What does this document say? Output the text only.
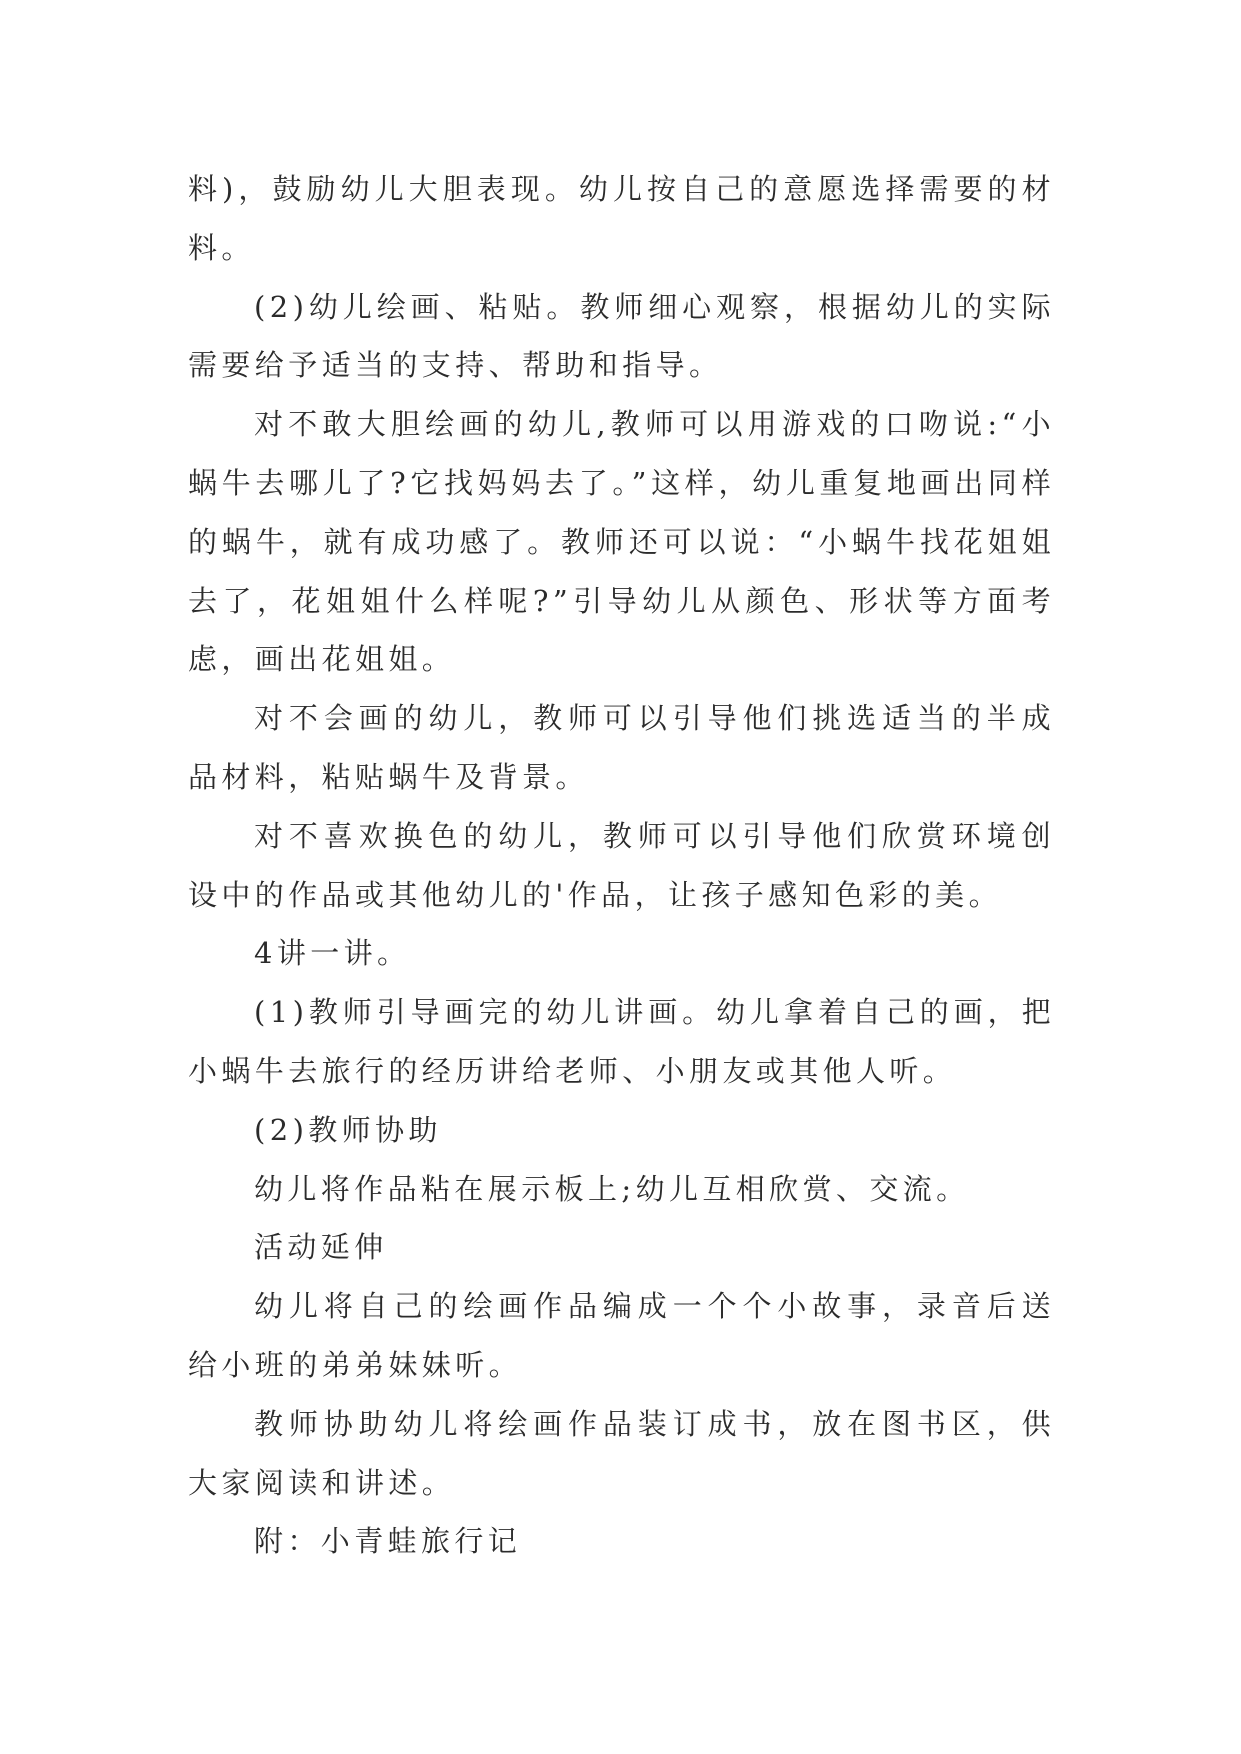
料)，鼓励幼儿大胆表现。幼儿按自己的意愿选择需要的材料。

(2)幼儿绘画、粘贴。教师细心观察，根据幼儿的实际需要给予适当的支持、帮助和指导。

对不敢大胆绘画的幼儿,教师可以用游戏的口吻说:“小蜗牛去哪儿了?它找妈妈去了。”这样，幼儿重复地画出同样的蜗牛，就有成功感了。教师还可以说：“小蜗牛找花姐姐去了，花姐姐什么样呢?”引导幼儿从颜色、形状等方面考虑，画出花姐姐。

对不会画的幼儿，教师可以引导他们挑选适当的半成品材料，粘贴蜗牛及背景。

对不喜欢换色的幼儿，教师可以引导他们欣赏环境创设中的作品或其他幼儿的'作品，让孩子感知色彩的美。

4讲一讲。

(1)教师引导画完的幼儿讲画。幼儿拿着自己的画，把小蜗牛去旅行的经历讲给老师、小朋友或其他人听。

(2)教师协助

幼儿将作品粘在展示板上;幼儿互相欣赏、交流。

活动延伸

幼儿将自己的绘画作品编成一个个小故事，录音后送给小班的弟弟妹妹听。

教师协助幼儿将绘画作品装订成书，放在图书区，供大家阅读和讲述。

附：小青蛙旅行记
